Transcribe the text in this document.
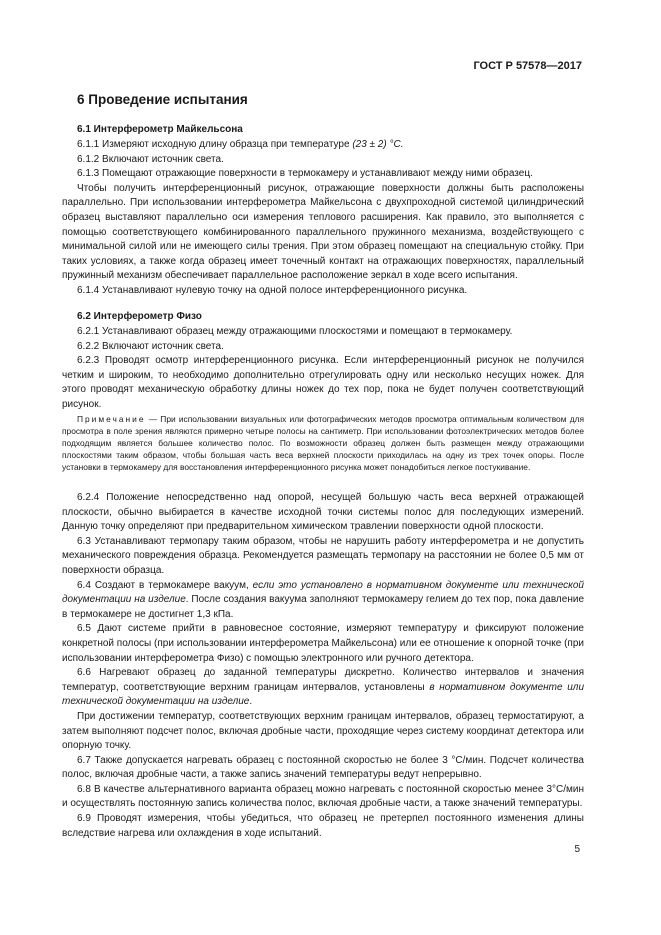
ГОСТ Р 57578—2017
6 Проведение испытания
6.1 Интерферометр Майкельсона

6.1.1 Измеряют исходную длину образца при температуре (23 ± 2) °С.

6.1.2 Включают источник света.

6.1.3 Помещают отражающие поверхности в термокамеру и устанавливают между ними образец.

Чтобы получить интерференционный рисунок, отражающие поверхности должны быть расположены параллельно. При использовании интерферометра Майкельсона с двухпроходной системой цилиндрический образец выставляют параллельно оси измерения теплового расширения. Как правило, это выполняется с помощью соответствующего комбинированного параллельного пружинного механизма, воздействующего с минимальной силой или не имеющего силы трения. При этом образец помещают на специальную стойку. При таких условиях, а также когда образец имеет точечный контакт на отражающих поверхностях, параллельный пружинный механизм обеспечивает параллельное расположение зеркал в ходе всего испытания.

6.1.4 Устанавливают нулевую точку на одной полосе интерференционного рисунка.

6.2 Интерферометр Физо

6.2.1 Устанавливают образец между отражающими плоскостями и помещают в термокамеру.

6.2.2 Включают источник света.

6.2.3 Проводят осмотр интерференционного рисунка. Если интерференционный рисунок не получился четким и широким, то необходимо дополнительно отрегулировать одну или несколько несущих ножек. Для этого проводят механическую обработку длины ножек до тех пор, пока не будет получен соответствующий рисунок.

Примечание — При использовании визуальных или фотографических методов просмотра оптимальным количеством для просмотра в поле зрения являются примерно четыре полосы на сантиметр. При использовании фотоэлектрических методов более подходящим является большее количество полос. По возможности образец должен быть размещен между отражающими плоскостями таким образом, чтобы большая часть веса верхней плоскости приходилась на одну из трех точек опоры. После установки в термокамеру для восстановления интерференционного рисунка может понадобиться легкое постукивание.

6.2.4 Положение непосредственно над опорой, несущей большую часть веса верхней отражающей плоскости, обычно выбирается в качестве исходной точки системы полос для последующих измерений. Данную точку определяют при предварительном химическом травлении поверхности одной плоскости.

6.3 Устанавливают термопару таким образом, чтобы не нарушить работу интерферометра и не допустить механического повреждения образца. Рекомендуется размещать термопару на расстоянии не более 0,5 мм от поверхности образца.

6.4 Создают в термокамере вакуум, если это установлено в нормативном документе или технической документации на изделие. После создания вакуума заполняют термокамеру гелием до тех пор, пока давление в термокамере не достигнет 1,3 кПа.

6.5 Дают системе прийти в равновесное состояние, измеряют температуру и фиксируют положение конкретной полосы (при использовании интерферометра Майкельсона) или ее отношение к опорной точке (при использовании интерферометра Физо) с помощью электронного или ручного детектора.

6.6 Нагревают образец до заданной температуры дискретно. Количество интервалов и значения температур, соответствующие верхним границам интервалов, установлены в нормативном документе или технической документации на изделие.

При достижении температур, соответствующих верхним границам интервалов, образец термостатируют, а затем выполняют подсчет полос, включая дробные части, проходящие через систему координат детектора или опорную точку.

6.7 Также допускается нагревать образец с постоянной скоростью не более 3 °С/мин. Подсчет количества полос, включая дробные части, а также запись значений температуры ведут непрерывно.

6.8 В качестве альтернативного варианта образец можно нагревать с постоянной скоростью менее 3°С/мин и осуществлять постоянную запись количества полос, включая дробные части, а также значений температуры.

6.9 Проводят измерения, чтобы убедиться, что образец не претерпел постоянного изменения длины вследствие нагрева или охлаждения в ходе испытаний.

5
